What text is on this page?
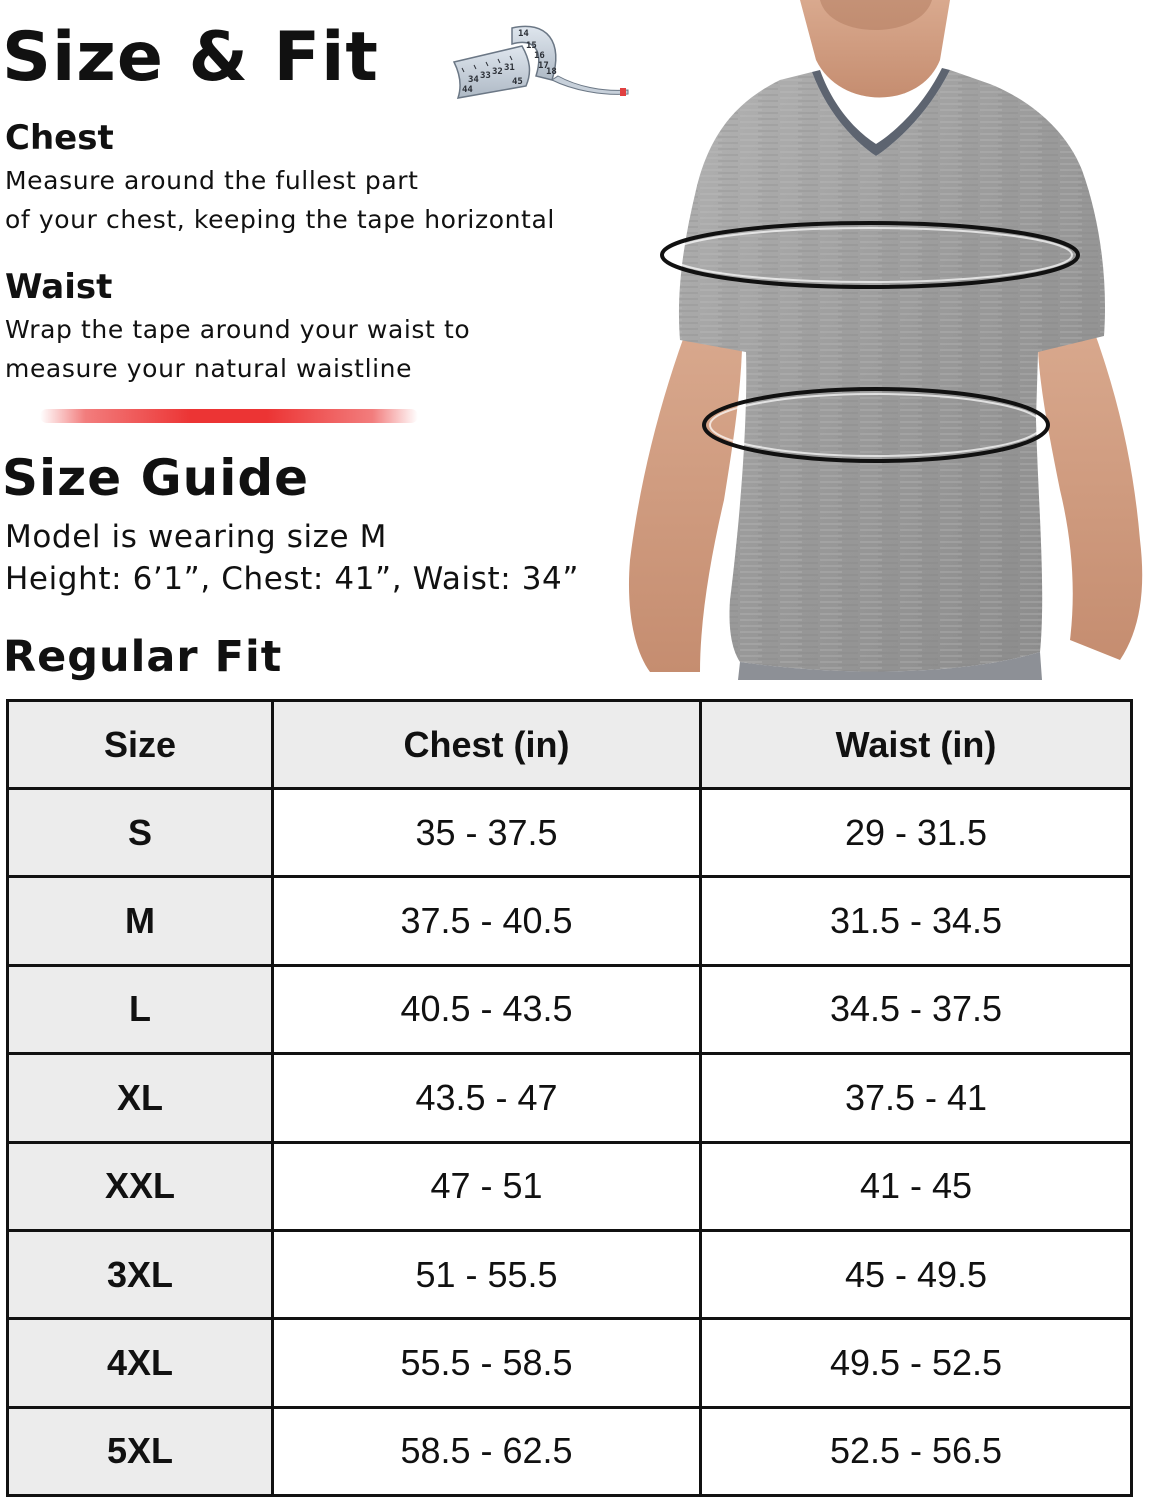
Size & Fit	14
15
16
17
18
31
32
33
34
44
45
Chest

Measure around the fullest part

of your chest, keeping the tape horizontal

Waist

Wrap the tape around your waist to

measure your natural waistline

Size Guide

Model is wearing size M

Height: 6’1”, Chest: 41”, Waist: 34”

Regular Fit
Size	Chest (in)	Waist (in)
S	35 - 37.5	29 - 31.5
M	37.5 - 40.5	31.5 - 34.5
L	40.5 - 43.5	34.5 - 37.5
XL	43.5 - 47	37.5 - 41
XXL	47 - 51	41 - 45
3XL	51 - 55.5	45 - 49.5
4XL	55.5 - 58.5	49.5 - 52.5
5XL	58.5 - 62.5	52.5 - 56.5
